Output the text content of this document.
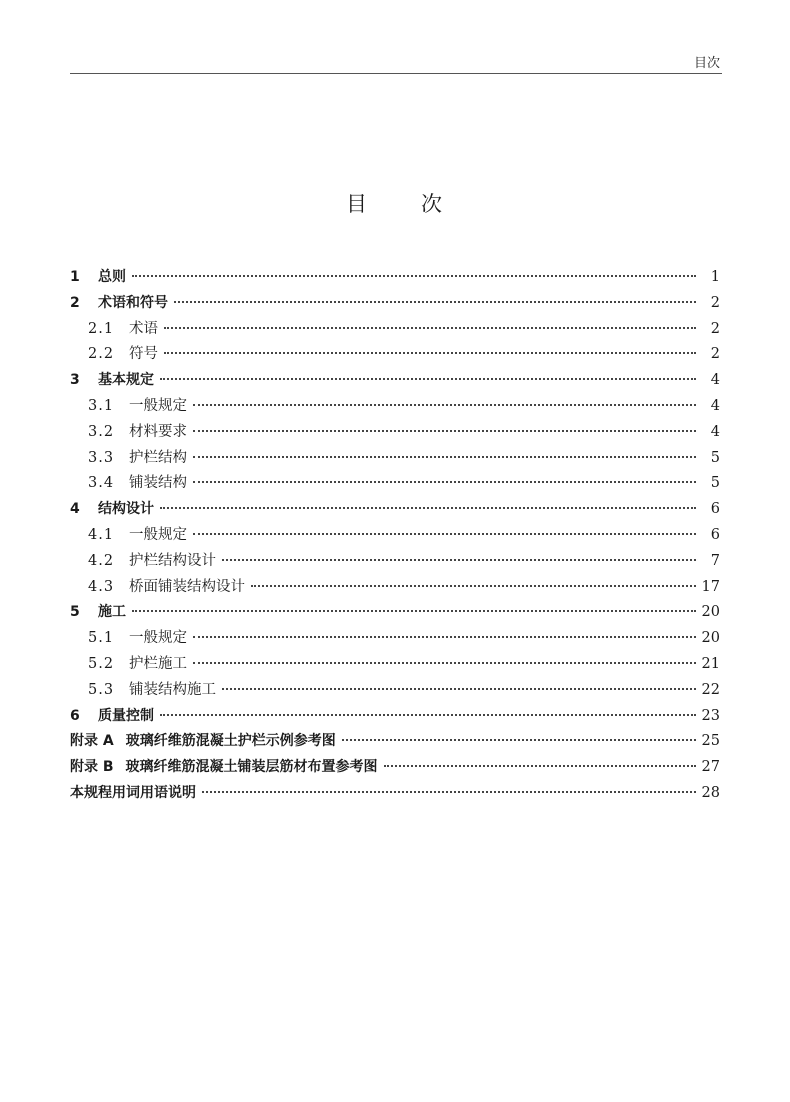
目次
目 次
1	总则	1
2	术语和符号	2
2.1	术语	2
2.2	符号	2
3	基本规定	4
3.1	一般规定	4
3.2	材料要求	4
3.3	护栏结构	5
3.4	铺装结构	5
4	结构设计	6
4.1	一般规定	6
4.2	护栏结构设计	7
4.3	桥面铺装结构设计	17
5	施工	20
5.1	一般规定	20
5.2	护栏施工	21
5.3	铺装结构施工	22
6	质量控制	23
附录 A 玻璃纤维筋混凝土护栏示例参考图	25
附录 B 玻璃纤维筋混凝土铺装层筋材布置参考图	27
本规程用词用语说明	28
